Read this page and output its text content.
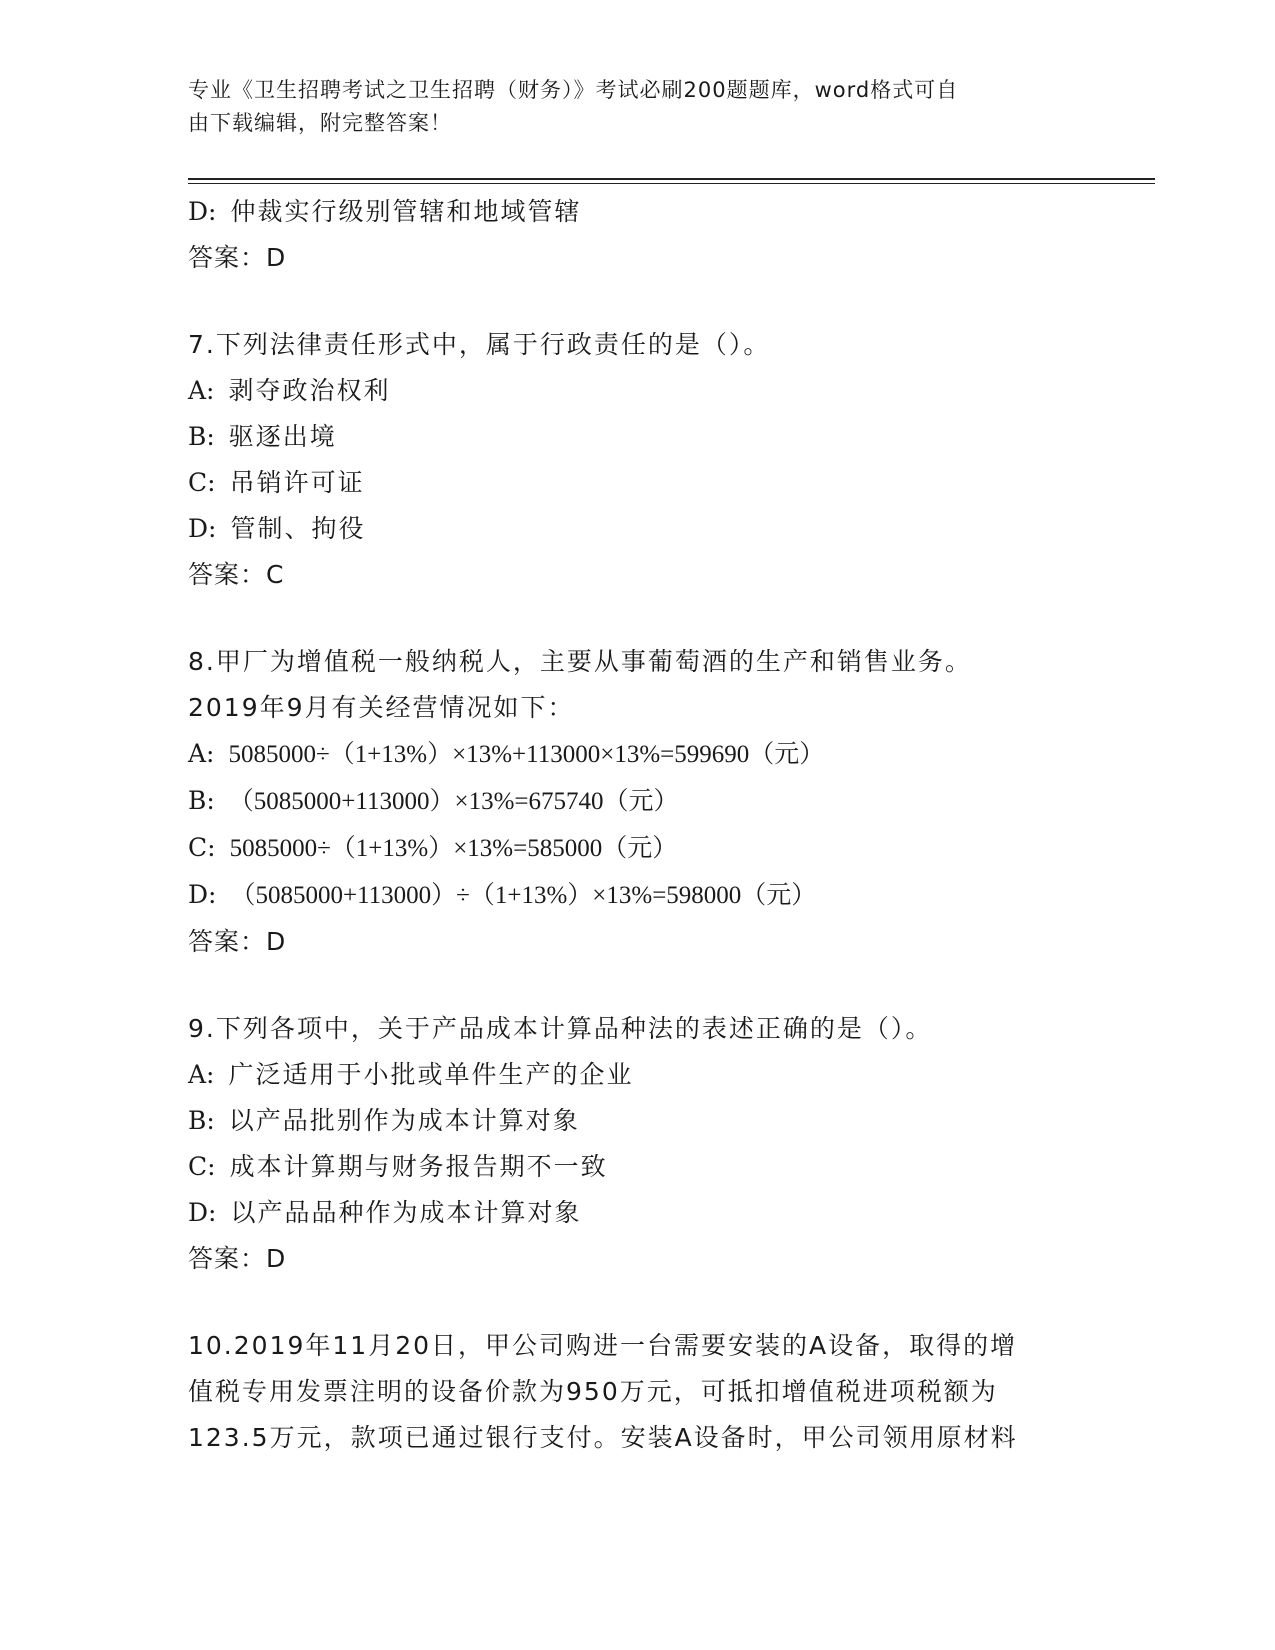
专业《卫生招聘考试之卫生招聘（财务）》考试必刷200题题库，word格式可自
由下载编辑，附完整答案！
D: 仲裁实行级别管辖和地域管辖
答案：D
7.下列法律责任形式中，属于行政责任的是（）。
A: 剥夺政治权利
B: 驱逐出境
C: 吊销许可证
D: 管制、拘役
答案：C
8.甲厂为增值税一般纳税人，主要从事葡萄酒的生产和销售业务。
2019年9月有关经营情况如下：
A: 5085000÷（1+13%）×13%+113000×13%=599690（元）
B: （5085000+113000）×13%=675740（元）
C: 5085000÷（1+13%）×13%=585000（元）
D: （5085000+113000）÷（1+13%）×13%=598000（元）
答案：D
9.下列各项中，关于产品成本计算品种法的表述正确的是（）。
A: 广泛适用于小批或单件生产的企业
B: 以产品批别作为成本计算对象
C: 成本计算期与财务报告期不一致
D: 以产品品种作为成本计算对象
答案：D
10.2019年11月20日，甲公司购进一台需要安装的A设备，取得的增
值税专用发票注明的设备价款为950万元，可抵扣增值税进项税额为
123.5万元，款项已通过银行支付。安装A设备时，甲公司领用原材料
